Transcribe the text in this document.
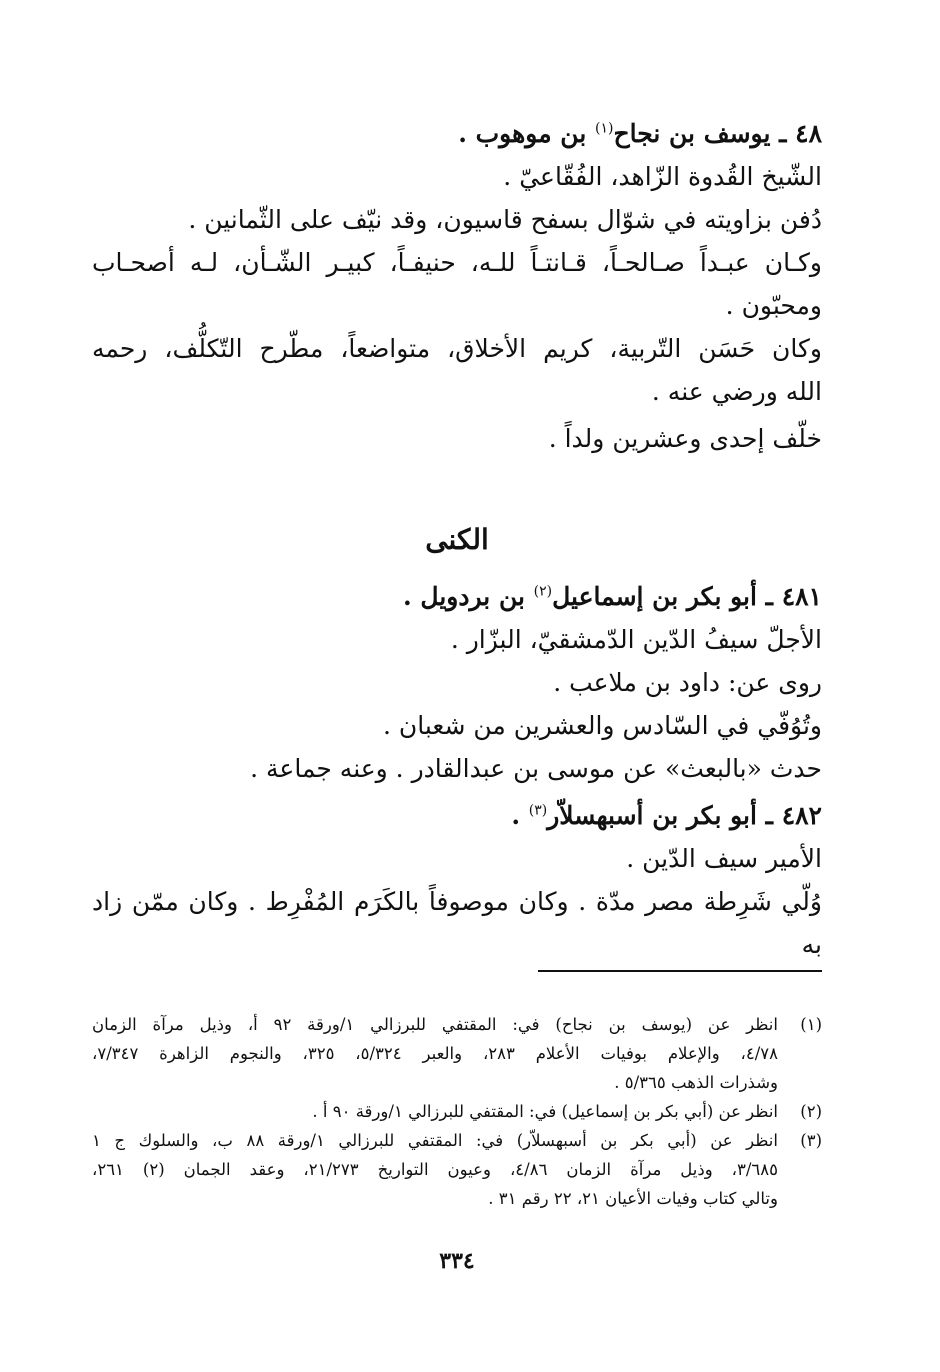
٤٨ ـ يوسف بن نجاح$^{(١)}$ بن موهوب .
الشّيخ القُدوة الزّاهد، الفُقّاعيّ .
دُفن بزاويته في شوّال بسفح قاسيون، وقد نيّف على الثّمانين .
وكـان عبـداً صـالحـاً، قـانتـاً للـه، حنيفـاً، كبيـر الشّـأن، لـه أصحـاب
ومحبّون .
وكان حَسَن التّربية، كريم الأخلاق، متواضعاً، مطّرح التّكلُّف، رحمه
الله ورضي عنه .
خلّف إحدى وعشرين ولداً .
الكنى
٤٨١ ـ أبو بكر بن إسماعيل$^{(٢)}$ بن بردويل .
الأجلّ سيفُ الدّين الدّمشقيّ، البزّار .
روى عن: داود بن ملاعب .
وتُوُفّي في السّادس والعشرين من شعبان .
حدث «بالبعث» عن موسى بن عبدالقادر . وعنه جماعة .
٤٨٢ ـ أبو بكر بن أسبهسلاّر$^{(٣)}$ .
الأمير سيف الدّين .
وُلّي شَرِطة مصر مدّة . وكان موصوفاً بالكَرَم المُفْرِط . وكان ممّن زاد به
(١)
انظر عن (يوسف بن نجاح) في: المقتفي للبرزالي ١/ورقة ٩٢ أ، وذيل مرآة الزمان
٤/٧٨، والإعلام بوفيات الأعلام ٢٨٣، والعبر ٥/٣٢٤، ٣٢٥، والنجوم الزاهرة ٧/٣٤٧،
وشذرات الذهب ٥/٣٦٥ .
(٢)
انظر عن (أبي بكر بن إسماعيل) في: المقتفي للبرزالي ١/ورقة ٩٠ أ .
(٣)
انظر عن (أبي بكر بن أسبهسلاّر) في: المقتفي للبرزالي ١/ورقة ٨٨ ب، والسلوك ج ١
٣/٦٨٥، وذيل مرآة الزمان ٤/٨٦، وعيون التواريخ ٢١/٢٧٣، وعقد الجمان (٢) ٢٦١،
وتالي كتاب وفيات الأعيان ٢١، ٢٢ رقم ٣١ .
٣٣٤
